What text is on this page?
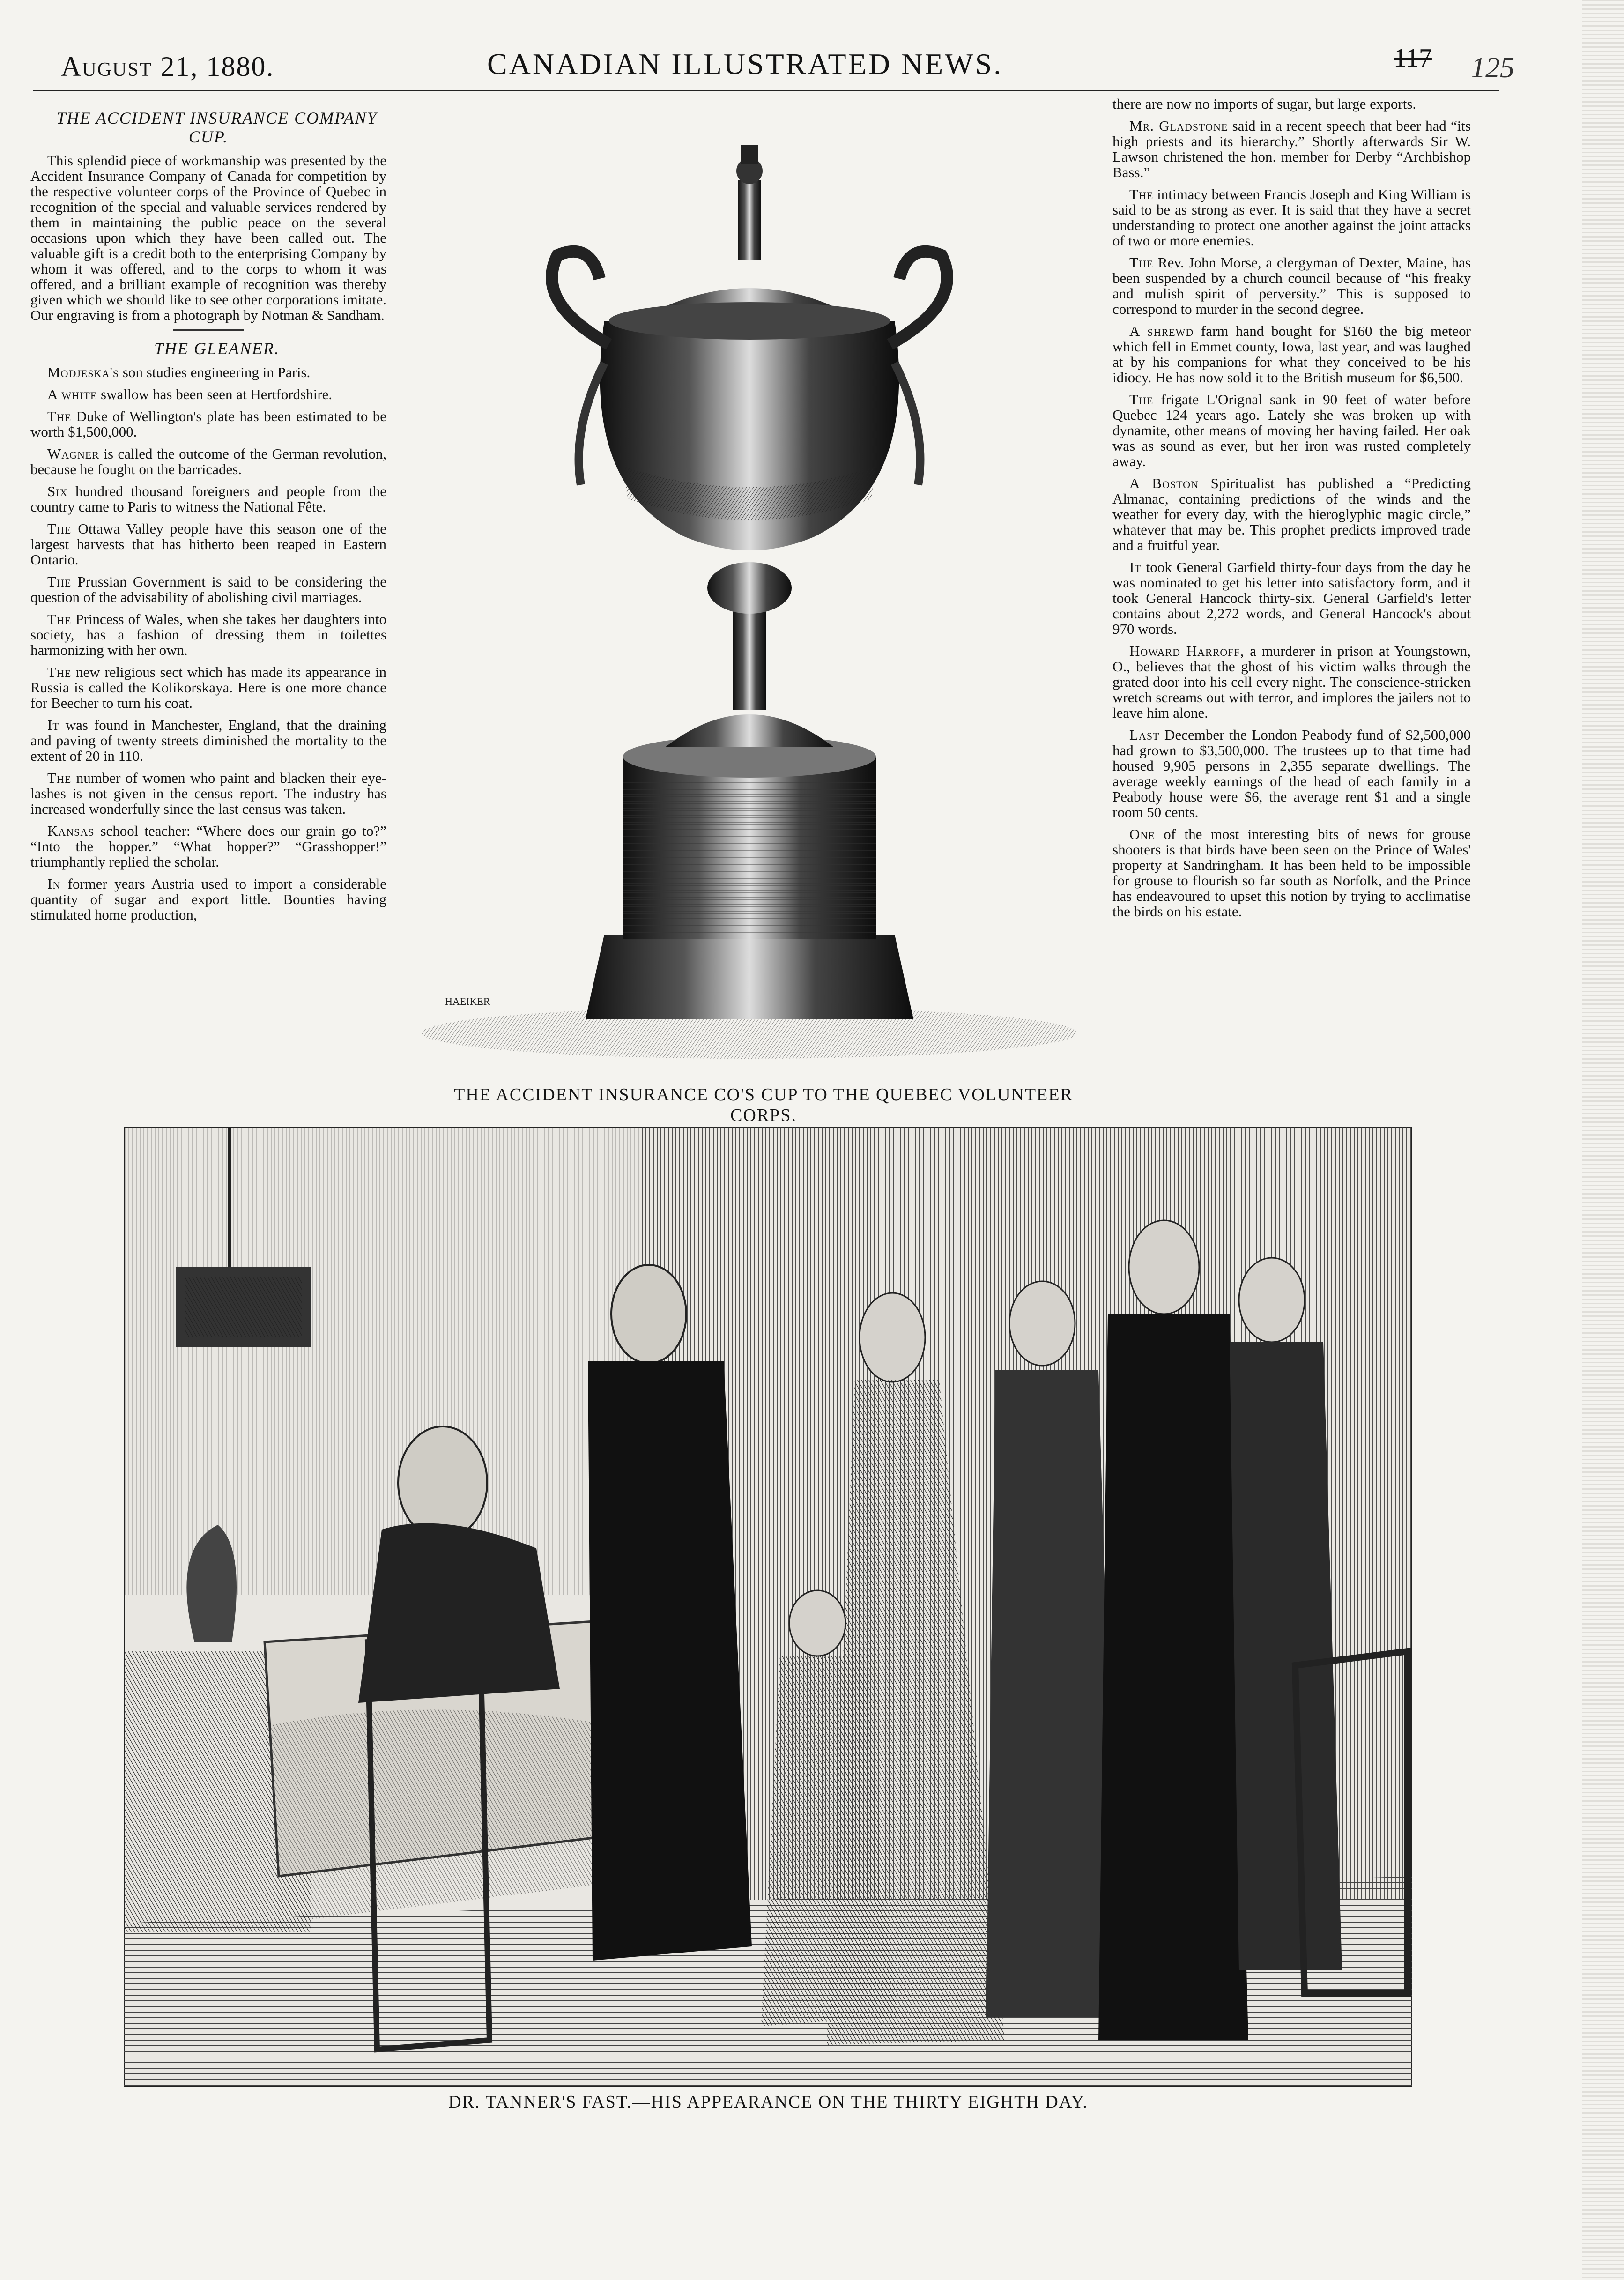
August 21, 1880.	CANADIAN ILLUSTRATED NEWS.	117 125

THE ACCIDENT INSURANCE COMPANY CUP.

This splendid piece of workmanship was presented by the Accident Insurance Company of Canada for competition by the respective volunteer corps of the Province of Quebec in recognition of the special and valuable services rendered by them in maintaining the public peace on the several occasions upon which they have been called out. The valuable gift is a credit both to the enterprising Company by whom it was offered, and to the corps to whom it was offered, and a brilliant example of recognition was thereby given which we should like to see other corporations imitate. Our engraving is from a photograph by Notman & Sandham.

THE GLEANER.

Modjeska's son studies engineering in Paris.

A white swallow has been seen at Hertfordshire.

The Duke of Wellington's plate has been estimated to be worth $1,500,000.

Wagner is called the outcome of the German revolution, because he fought on the barricades.

Six hundred thousand foreigners and people from the country came to Paris to witness the National Fête.

The Ottawa Valley people have this season one of the largest harvests that has hitherto been reaped in Eastern Ontario.

The Prussian Government is said to be considering the question of the advisability of abolishing civil marriages.

The Princess of Wales, when she takes her daughters into society, has a fashion of dressing them in toilettes harmonizing with her own.

The new religious sect which has made its appearance in Russia is called the Kolikorskaya. Here is one more chance for Beecher to turn his coat.

It was found in Manchester, England, that the draining and paving of twenty streets diminished the mortality to the extent of 20 in 110.

The number of women who paint and blacken their eye-lashes is not given in the census report. The industry has increased wonderfully since the last census was taken.

Kansas school teacher: “Where does our grain go to?” “Into the hopper.” “What hopper?” “Grasshopper!” triumphantly replied the scholar.

In former years Austria used to import a considerable quantity of sugar and export little. Bounties having stimulated home production,

HAEIKER
THE ACCIDENT INSURANCE CO'S CUP TO THE QUEBEC VOLUNTEER CORPS.

there are now no imports of sugar, but large exports.

Mr. Gladstone said in a recent speech that beer had “its high priests and its hierarchy.” Shortly afterwards Sir W. Lawson christened the hon. member for Derby “Archbishop Bass.”

The intimacy between Francis Joseph and King William is said to be as strong as ever. It is said that they have a secret understanding to protect one another against the joint attacks of two or more enemies.

The Rev. John Morse, a clergyman of Dexter, Maine, has been suspended by a church council because of “his freaky and mulish spirit of perversity.” This is supposed to correspond to murder in the second degree.

A shrewd farm hand bought for $160 the big meteor which fell in Emmet county, Iowa, last year, and was laughed at by his companions for what they conceived to be his idiocy. He has now sold it to the British museum for $6,500.

The frigate L'Orignal sank in 90 feet of water before Quebec 124 years ago. Lately she was broken up with dynamite, other means of moving her having failed. Her oak was as sound as ever, but her iron was rusted completely away.

A Boston Spiritualist has published a “Predicting Almanac, containing predictions of the winds and the weather for every day, with the hieroglyphic magic circle,” whatever that may be. This prophet predicts improved trade and a fruitful year.

It took General Garfield thirty-four days from the day he was nominated to get his letter into satisfactory form, and it took General Hancock thirty-six. General Garfield's letter contains about 2,272 words, and General Hancock's about 970 words.

Howard Harroff, a murderer in prison at Youngstown, O., believes that the ghost of his victim walks through the grated door into his cell every night. The conscience-stricken wretch screams out with terror, and implores the jailers not to leave him alone.

Last December the London Peabody fund of $2,500,000 had grown to $3,500,000. The trustees up to that time had housed 9,905 persons in 2,355 separate dwellings. The average weekly earnings of the head of each family in a Peabody house were $6, the average rent $1 and a single room 50 cents.

One of the most interesting bits of news for grouse shooters is that birds have been seen on the Prince of Wales' property at Sandringham. It has been held to be impossible for grouse to flourish so far south as Norfolk, and the Prince has endeavoured to upset this notion by trying to acclimatise the birds on his estate.

DR. TANNER'S FAST.—HIS APPEARANCE ON THE THIRTY EIGHTH DAY.
